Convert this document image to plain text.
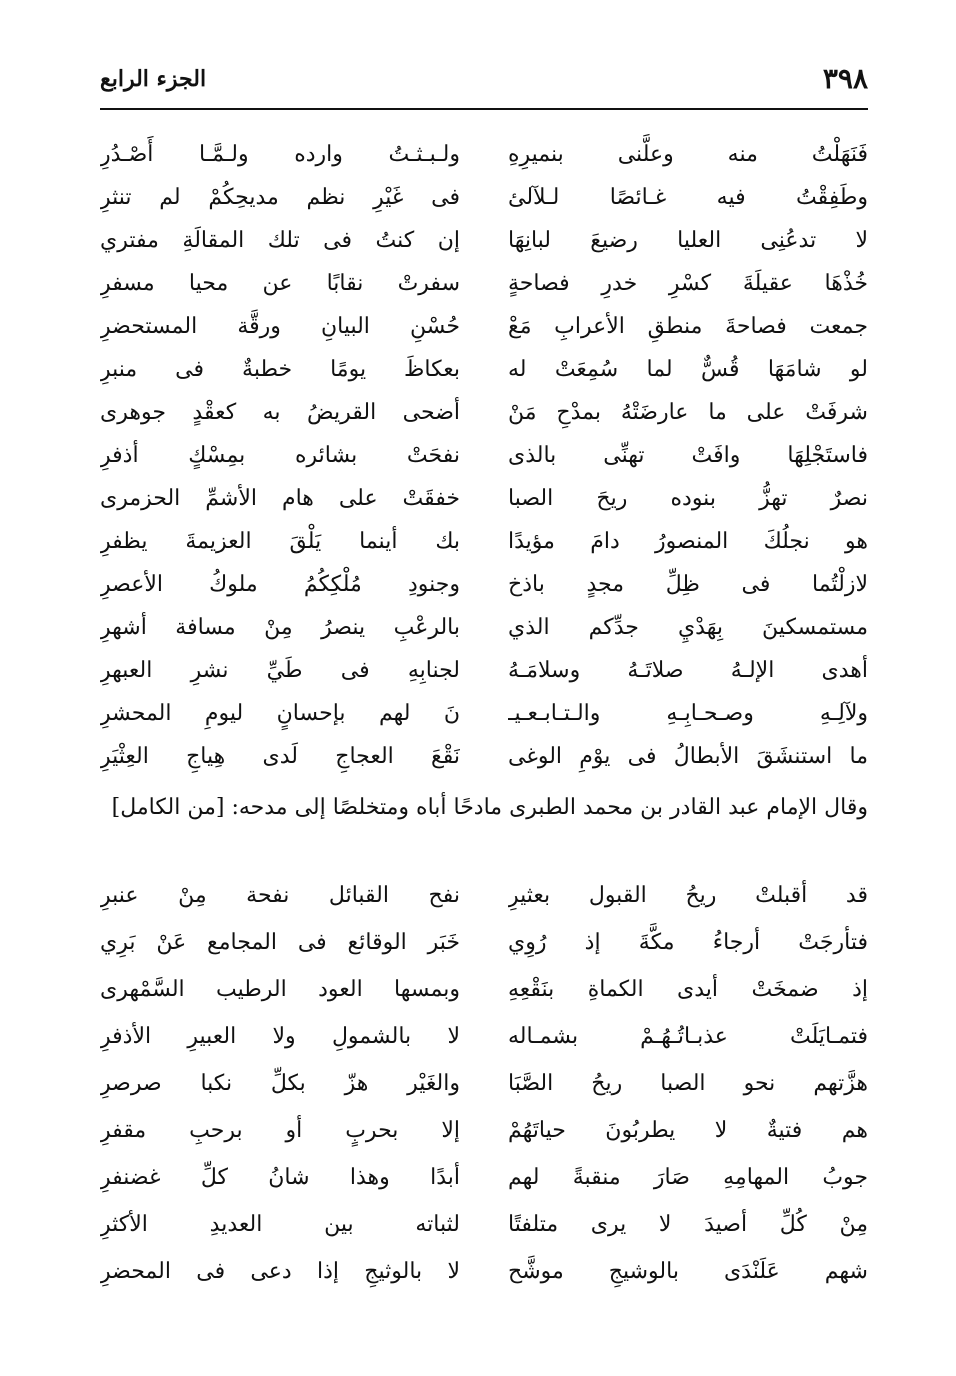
٣٩٨
الجزء الرابع
فَنَهَلْتُ منه وعلَّنى بنميرِهِ
ولـبـثـتُ وارده ولـمَّـا أَصْـدُرِ
وطَفِقْتُ فيه غـائصًا لـلآلئ
فى غَيْرِ نظم مديحِكُمْ لم تنثرِ
لا تدعُنِى العليا رضيعَ لبانِهَا
إن كنتُ فى تلك المقالَةِ مفتري
خُذْهَا عقيلَةَ كسْرِ خدرِ فصاحةٍ
سفرتْ نقابًا عن محيا مسفرِ
جمعت فصاحةَ منطقِ الأعرابِ مَعْ
حُسْنِ البيانِ ورقَّة المستحضرِ
لو شامَهَا قُسٌّ لما سُمِعَتْ له
بعكاظَ يومًا خطبةٌ فى منبرِ
شرفَتْ على ما عارضَتْهُ بمدْحِ مَنْ
أضحى القريضُ به كعقْدٍ جوهرى
فاستَجْلِهَا وافَتْ تهنِّى بالذى
نفحَتْ بشائره بمِسْكٍ أذفرِ
نصرٌ تهزُّ بنوده ريحَ الصبا
خفقَتْ على هام الأشمِّ الحزمرى
هو نجلُكَ المنصورُ دامَ مؤيدًا
بك أينما يَلْقَ العزيمةَ يظفرِ
لازلْتُما فى ظِلِّ مجدٍ باذخ
وجنودِ مُلْكِكُمُ ملوكُ الأعصرِ
مستمسكينَ بِهَدْيِ جدِّكم الذي
بالرعْبِ ينصرُ مِنْ مسافة أشهرِ
أهدى الإلـهُ صلاتَـهُ وسلامَـهُ
لجنابِهِ فى طَيِّ نشرِ العبهرِ
ولآلِـهِ وصـحـابِـهِ والـتـابـعـيـ
نَ لهم بإحسانٍ ليومِ المحشرِ
ما استنشَقَ الأبطالُ فى يوْمِ الوغى
نَقْعَ العجاجِ لَدى هِياجِ العِثْيَرِ
وقال الإمام عبد القادر بن محمد الطبرى مادحًا أباه ومتخلصًا إلى مدحه: [من الكامل]
قد أقبلتْ ريحُ القبول بعثيرِ
نفح القبائل نفحة مِنْ عنبرِ
فتأرجَتْ أرجاءُ مكَّةَ إذ رُوِي
خَبَر الوقائع فى المجامع عَنْ بَرِي
إذ ضمخَتْ أيدى الكماةِ بنَقْعِهِ
وبمسها العود الرطيب السَّمْهرى
فتمـايَلَتْ عذبـاتُـهُـمْ بشمـاله
لا بالشمولِ ولا العبيرِ الأذفرِ
هزَّتهم نحو الصبا ريحُ الصَّبَا
والغَيْر هزّ بكلِّ نكبا صرصرِ
هم فتيةٌ لا يطربُونَ حياتَهُمْ
إلا بحربٍ أو برحبِ مقفرِ
جوبُ المهامِهِ صَارَ منقبةً لهم
أبدًا وهذا شانُ كلِّ غضنفرِ
مِنْ كُلِّ أصيدَ لا يرى متلفتًا
لثباته بين العديدِ الأكثرِ
شهم عَلَنْدَى بالوشيجِ موشَّح
لا بالوثيجِ إذا دعى فى المحضرِ
